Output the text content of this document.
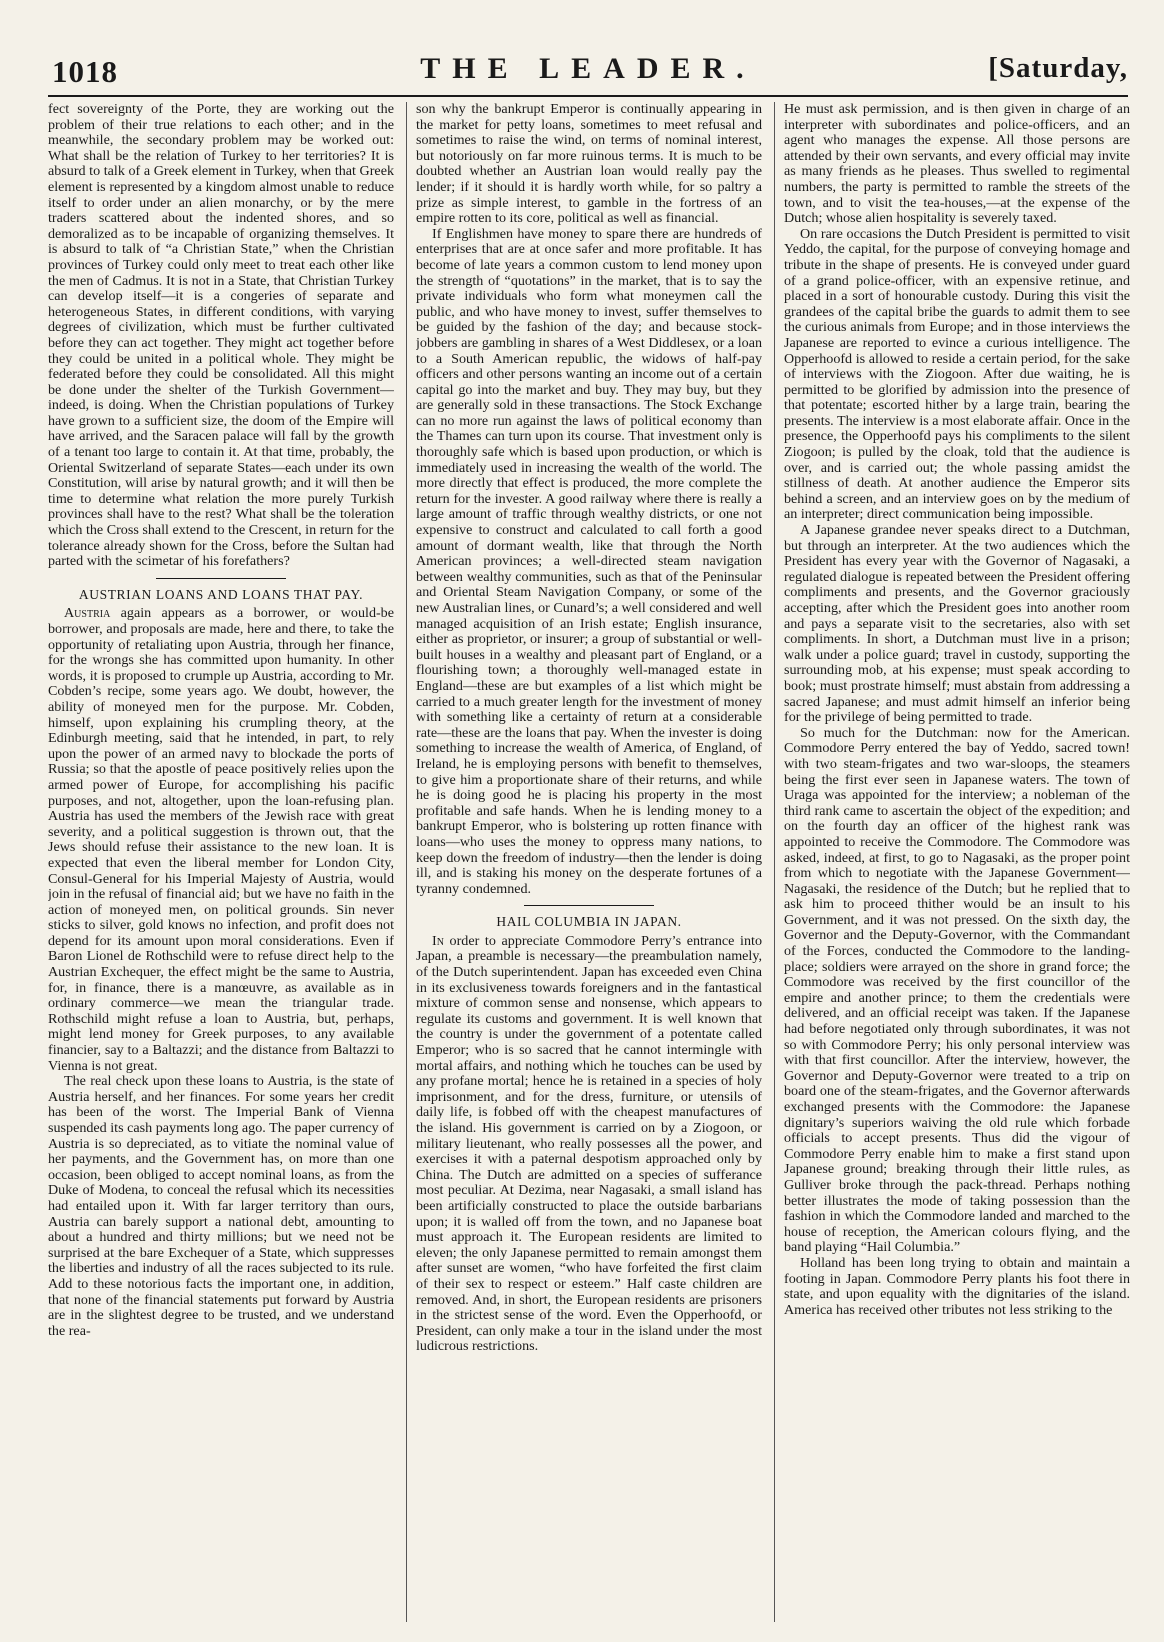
1018	THE LEADER.	[Saturday,

fect sovereignty of the Porte, they are working out the problem of their true relations to each other; and in the meanwhile, the secondary problem may be worked out: What shall be the relation of Turkey to her territories? It is absurd to talk of a Greek element in Turkey, when that Greek element is represented by a kingdom almost unable to reduce itself to order under an alien monarchy, or by the mere traders scattered about the indented shores, and so demoralized as to be incapable of organizing themselves. It is absurd to talk of “a Christian State,” when the Christian provinces of Turkey could only meet to treat each other like the men of Cadmus. It is not in a State, that Christian Turkey can develop itself—it is a congeries of separate and heterogeneous States, in different conditions, with varying degrees of civilization, which must be further cultivated before they can act together. They might act together before they could be united in a political whole. They might be federated before they could be consolidated. All this might be done under the shelter of the Turkish Government—indeed, is doing. When the Christian populations of Turkey have grown to a sufficient size, the doom of the Empire will have arrived, and the Saracen palace will fall by the growth of a tenant too large to contain it. At that time, probably, the Oriental Switzerland of separate States—each under its own Constitution, will arise by natural growth; and it will then be time to determine what relation the more purely Turkish provinces shall have to the rest? What shall be the toleration which the Cross shall extend to the Crescent, in return for the tolerance already shown for the Cross, before the Sultan had parted with the scimetar of his forefathers?

AUSTRIAN LOANS AND LOANS THAT PAY.

Austria again appears as a borrower, or would-be borrower, and proposals are made, here and there, to take the opportunity of retaliating upon Austria, through her finance, for the wrongs she has committed upon humanity. In other words, it is proposed to crumple up Austria, according to Mr. Cobden’s recipe, some years ago. We doubt, however, the ability of moneyed men for the purpose. Mr. Cobden, himself, upon explaining his crumpling theory, at the Edinburgh meeting, said that he intended, in part, to rely upon the power of an armed navy to blockade the ports of Russia; so that the apostle of peace positively relies upon the armed power of Europe, for accomplishing his pacific purposes, and not, altogether, upon the loan-refusing plan. Austria has used the members of the Jewish race with great severity, and a political suggestion is thrown out, that the Jews should refuse their assistance to the new loan. It is expected that even the liberal member for London City, Consul-General for his Imperial Majesty of Austria, would join in the refusal of financial aid; but we have no faith in the action of moneyed men, on political grounds. Sin never sticks to silver, gold knows no infection, and profit does not depend for its amount upon moral considerations. Even if Baron Lionel de Rothschild were to refuse direct help to the Austrian Exchequer, the effect might be the same to Austria, for, in finance, there is a manœuvre, as available as in ordinary commerce—we mean the triangular trade. Rothschild might refuse a loan to Austria, but, perhaps, might lend money for Greek purposes, to any available financier, say to a Baltazzi; and the distance from Baltazzi to Vienna is not great.

The real check upon these loans to Austria, is the state of Austria herself, and her finances. For some years her credit has been of the worst. The Imperial Bank of Vienna suspended its cash payments long ago. The paper currency of Austria is so depreciated, as to vitiate the nominal value of her payments, and the Government has, on more than one occasion, been obliged to accept nominal loans, as from the Duke of Modena, to conceal the refusal which its necessities had entailed upon it. With far larger territory than ours, Austria can barely support a national debt, amounting to about a hundred and thirty millions; but we need not be surprised at the bare Exchequer of a State, which suppresses the liberties and industry of all the races subjected to its rule. Add to these notorious facts the important one, in addition, that none of the financial statements put forward by Austria are in the slightest degree to be trusted, and we understand the rea-

son why the bankrupt Emperor is continually appearing in the market for petty loans, sometimes to meet refusal and sometimes to raise the wind, on terms of nominal interest, but notoriously on far more ruinous terms. It is much to be doubted whether an Austrian loan would really pay the lender; if it should it is hardly worth while, for so paltry a prize as simple interest, to gamble in the fortress of an empire rotten to its core, political as well as financial.

If Englishmen have money to spare there are hundreds of enterprises that are at once safer and more profitable. It has become of late years a common custom to lend money upon the strength of “quotations” in the market, that is to say the private individuals who form what moneymen call the public, and who have money to invest, suffer themselves to be guided by the fashion of the day; and because stock-jobbers are gambling in shares of a West Diddlesex, or a loan to a South American republic, the widows of half-pay officers and other persons wanting an income out of a certain capital go into the market and buy. They may buy, but they are generally sold in these transactions. The Stock Exchange can no more run against the laws of political economy than the Thames can turn upon its course. That investment only is thoroughly safe which is based upon production, or which is immediately used in increasing the wealth of the world. The more directly that effect is produced, the more complete the return for the invester. A good railway where there is really a large amount of traffic through wealthy districts, or one not expensive to construct and calculated to call forth a good amount of dormant wealth, like that through the North American provinces; a well-directed steam navigation between wealthy communities, such as that of the Peninsular and Oriental Steam Navigation Company, or some of the new Australian lines, or Cunard’s; a well considered and well managed acquisition of an Irish estate; English insurance, either as proprietor, or insurer; a group of substantial or well-built houses in a wealthy and pleasant part of England, or a flourishing town; a thoroughly well-managed estate in England—these are but examples of a list which might be carried to a much greater length for the investment of money with something like a certainty of return at a considerable rate—these are the loans that pay. When the invester is doing something to increase the wealth of America, of England, of Ireland, he is employing persons with benefit to themselves, to give him a proportionate share of their returns, and while he is doing good he is placing his property in the most profitable and safe hands. When he is lending money to a bankrupt Emperor, who is bolstering up rotten finance with loans—who uses the money to oppress many nations, to keep down the freedom of industry—then the lender is doing ill, and is staking his money on the desperate fortunes of a tyranny condemned.

HAIL COLUMBIA IN JAPAN.

In order to appreciate Commodore Perry’s entrance into Japan, a preamble is necessary—the preambulation namely, of the Dutch superintendent. Japan has exceeded even China in its exclusiveness towards foreigners and in the fantastical mixture of common sense and nonsense, which appears to regulate its customs and government. It is well known that the country is under the government of a potentate called Emperor; who is so sacred that he cannot intermingle with mortal affairs, and nothing which he touches can be used by any profane mortal; hence he is retained in a species of holy imprisonment, and for the dress, furniture, or utensils of daily life, is fobbed off with the cheapest manufactures of the island. His government is carried on by a Ziogoon, or military lieutenant, who really possesses all the power, and exercises it with a paternal despotism approached only by China. The Dutch are admitted on a species of sufferance most peculiar. At Dezima, near Nagasaki, a small island has been artificially constructed to place the outside barbarians upon; it is walled off from the town, and no Japanese boat must approach it. The European residents are limited to eleven; the only Japanese permitted to remain amongst them after sunset are women, “who have forfeited the first claim of their sex to respect or esteem.” Half caste children are removed. And, in short, the European residents are prisoners in the strictest sense of the word. Even the Opperhoofd, or President, can only make a tour in the island under the most ludicrous restrictions.

He must ask permission, and is then given in charge of an interpreter with subordinates and police-officers, and an agent who manages the expense. All those persons are attended by their own servants, and every official may invite as many friends as he pleases. Thus swelled to regimental numbers, the party is permitted to ramble the streets of the town, and to visit the tea-houses,—at the expense of the Dutch; whose alien hospitality is severely taxed.

On rare occasions the Dutch President is permitted to visit Yeddo, the capital, for the purpose of conveying homage and tribute in the shape of presents. He is conveyed under guard of a grand police-officer, with an expensive retinue, and placed in a sort of honourable custody. During this visit the grandees of the capital bribe the guards to admit them to see the curious animals from Europe; and in those interviews the Japanese are reported to evince a curious intelligence. The Opperhoofd is allowed to reside a certain period, for the sake of interviews with the Ziogoon. After due waiting, he is permitted to be glorified by admission into the presence of that potentate; escorted hither by a large train, bearing the presents. The interview is a most elaborate affair. Once in the presence, the Opperhoofd pays his compliments to the silent Ziogoon; is pulled by the cloak, told that the audience is over, and is carried out; the whole passing amidst the stillness of death. At another audience the Emperor sits behind a screen, and an interview goes on by the medium of an interpreter; direct communication being impossible.

A Japanese grandee never speaks direct to a Dutchman, but through an interpreter. At the two audiences which the President has every year with the Governor of Nagasaki, a regulated dialogue is repeated between the President offering compliments and presents, and the Governor graciously accepting, after which the President goes into another room and pays a separate visit to the secretaries, also with set compliments. In short, a Dutchman must live in a prison; walk under a police guard; travel in custody, supporting the surrounding mob, at his expense; must speak according to book; must prostrate himself; must abstain from addressing a sacred Japanese; and must admit himself an inferior being for the privilege of being permitted to trade.

So much for the Dutchman: now for the American. Commodore Perry entered the bay of Yeddo, sacred town! with two steam-frigates and two war-sloops, the steamers being the first ever seen in Japanese waters. The town of Uraga was appointed for the interview; a nobleman of the third rank came to ascertain the object of the expedition; and on the fourth day an officer of the highest rank was appointed to receive the Commodore. The Commodore was asked, indeed, at first, to go to Nagasaki, as the proper point from which to negotiate with the Japanese Government—Nagasaki, the residence of the Dutch; but he replied that to ask him to proceed thither would be an insult to his Government, and it was not pressed. On the sixth day, the Governor and the Deputy-Governor, with the Commandant of the Forces, conducted the Commodore to the landing-place; soldiers were arrayed on the shore in grand force; the Commodore was received by the first councillor of the empire and another prince; to them the credentials were delivered, and an official receipt was taken. If the Japanese had before negotiated only through subordinates, it was not so with Commodore Perry; his only personal interview was with that first councillor. After the interview, however, the Governor and Deputy-Governor were treated to a trip on board one of the steam-frigates, and the Governor afterwards exchanged presents with the Commodore: the Japanese dignitary’s superiors waiving the old rule which forbade officials to accept presents. Thus did the vigour of Commodore Perry enable him to make a first stand upon Japanese ground; breaking through their little rules, as Gulliver broke through the pack-thread. Perhaps nothing better illustrates the mode of taking possession than the fashion in which the Commodore landed and marched to the house of reception, the American colours flying, and the band playing “Hail Columbia.”

Holland has been long trying to obtain and maintain a footing in Japan. Commodore Perry plants his foot there in state, and upon equality with the dignitaries of the island. America has received other tributes not less striking to the
